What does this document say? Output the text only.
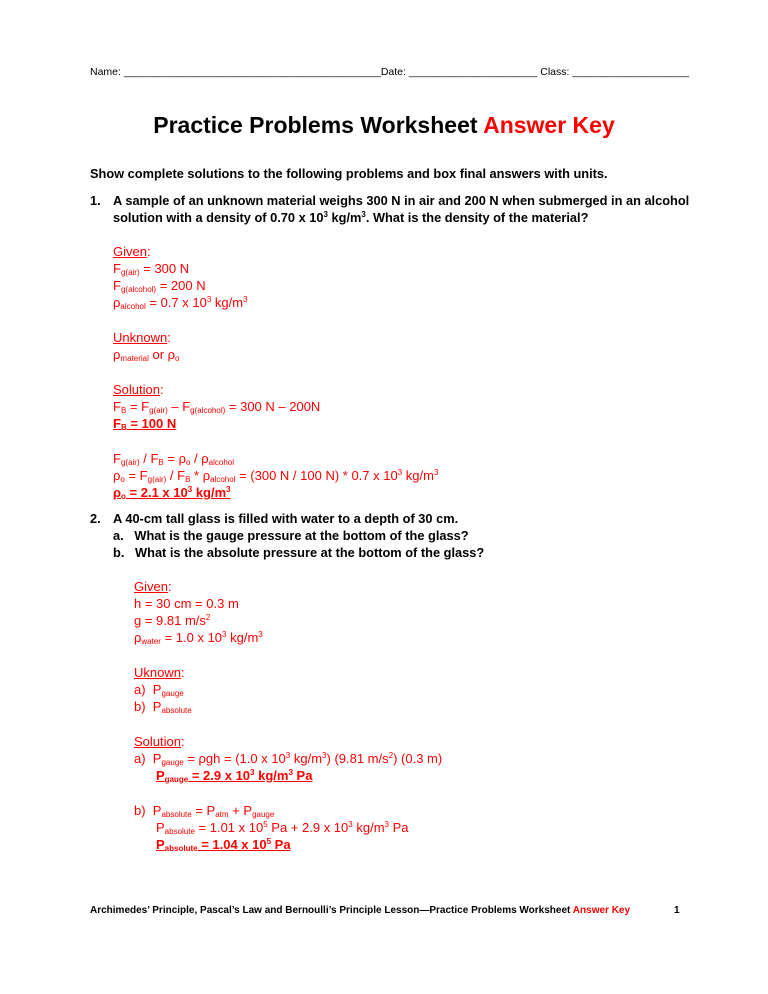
Name: ____________________________________________Date: ______________________ Class: ____________________
Practice Problems Worksheet Answer Key
Show complete solutions to the following problems and box final answers with units.
1. A sample of an unknown material weighs 300 N in air and 200 N when submerged in an alcohol
solution with a density of 0.70 x $10^3$ $kg/m^3$. What is the density of the material?
Given:
$F_{g(air)} = 300$ N
$F_{g(alcohol)} = 200$ N
$\rho_{alcohol} = 0.7$ x $10^3$ $kg/m^3$
Unknown:
$\rho_{material}$ or $\rho_o$
Solution:
$F_B = F_{g(air)} - F_{g(alcohol)} = 300$ N – 200N
$F_B = 100$ N
$F_{g(air)} / F_B = \rho_o / \rho_{alcohol}$
$\rho_o = F_{g(air)} / F_B * \rho_{alcohol} = (300$ N / 100 N) * 0.7 x $10^3$ $kg/m^3$
$\rho_o = 2.1$ x $10^3$ $kg/m^3$
2. A 40-cm tall glass is filled with water to a depth of 30 cm.
a. What is the gauge pressure at the bottom of the glass?
b. What is the absolute pressure at the bottom of the glass?
Given:
h = 30 cm = 0.3 m
g = 9.81 $m/s^2$
$\rho_{water} = 1.0$ x $10^3$ $kg/m^3$
Uknown:
a)  $P_{gauge}$
b)  $P_{absolute}$
Solution:
a)  $P_{gauge} = \rho gh = (1.0$ x $10^3$ $kg/m^3$) (9.81 $m/s^2$) (0.3 m)
$P_{gauge} = 2.9$ x $10^3$ $kg/m^3$ Pa
b)  $P_{absolute} = P_{atm} + P_{gauge}$
$P_{absolute} = 1.01$ x $10^5$ Pa + 2.9 x $10^3$ $kg/m^3$ Pa
$P_{absolute} = 1.04$ x $10^5$ Pa
Archimedes’ Principle, Pascal’s Law and Bernoulli’s Principle Lesson—Practice Problems Worksheet Answer Key	1
